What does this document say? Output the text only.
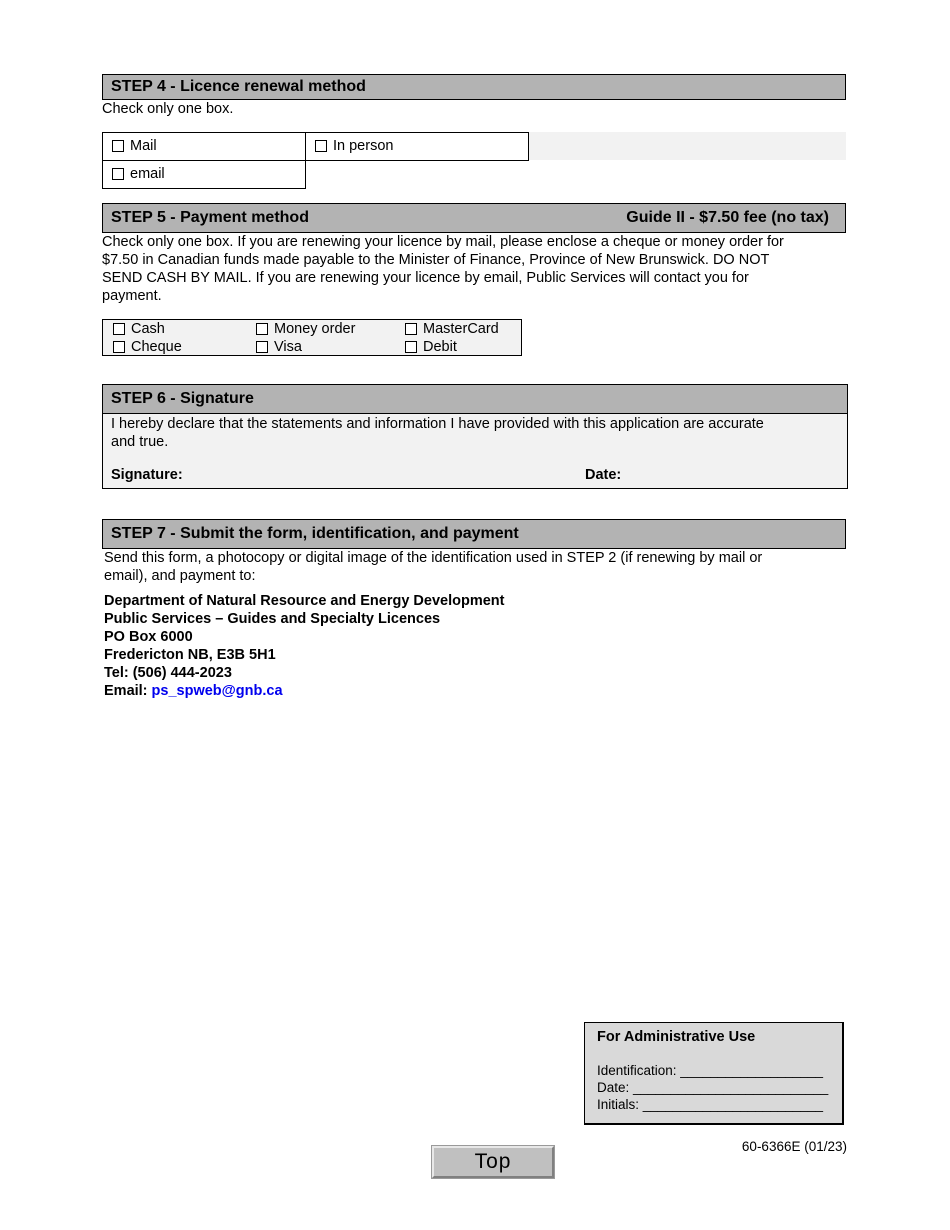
STEP 4 - Licence renewal method
Check only one box.
Mail	In person
email
STEP 5 - Payment method	Guide II - $7.50 fee (no tax)
Check only one box. If you are renewing your licence by mail, please enclose a cheque or money order for
$7.50 in Canadian funds made payable to the Minister of Finance, Province of New Brunswick. DO NOT
SEND CASH BY MAIL. If you are renewing your licence by email, Public Services will contact you for
payment.
Cash	Money order	MasterCard
Cheque	Visa	Debit
STEP 6 - Signature
I hereby declare that the statements and information I have provided with this application are accurate
and true.
Signature:	Date:
STEP 7 - Submit the form, identification, and payment
Send this form, a photocopy or digital image of the identification used in STEP 2 (if renewing by mail or
email), and payment to:
Department of Natural Resource and Energy Development
Public Services – Guides and Specialty Licences
PO Box 6000
Fredericton NB, E3B 5H1
Tel: (506) 444-2023
Email: ps_spweb@gnb.ca
For Administrative Use
Identification: ___________________
Date: __________________________
Initials: ________________________
60-6366E (01/23)
Top
